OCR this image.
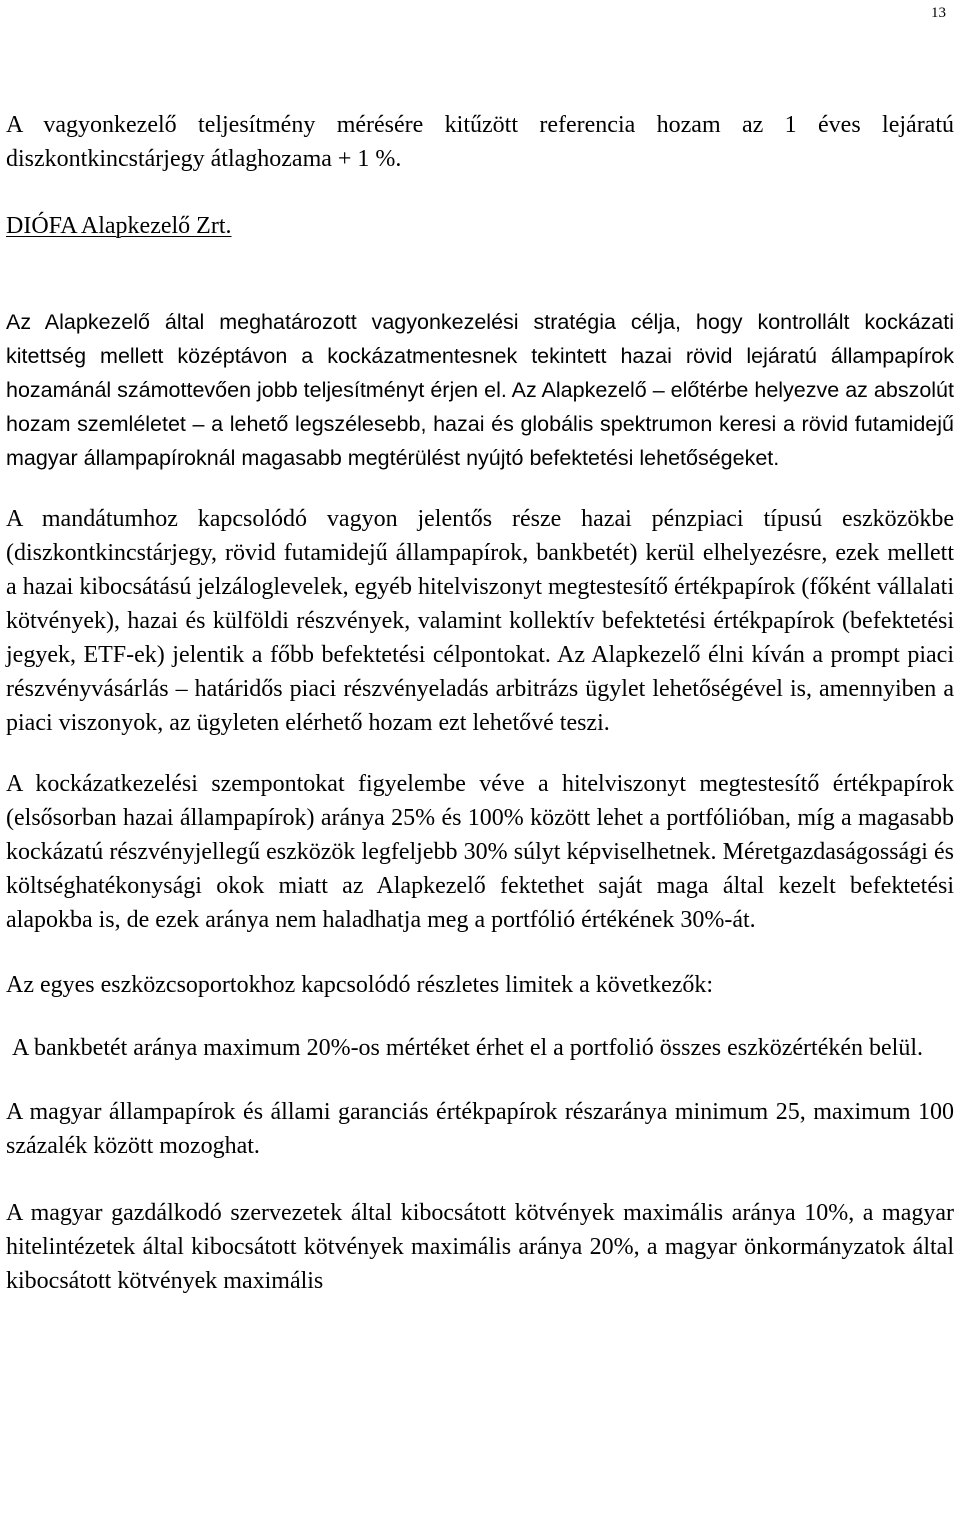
13

A vagyonkezelő teljesítmény mérésére kitűzött referencia hozam az 1 éves lejáratú diszkontkincstárjegy átlaghozama + 1 %.

DIÓFA Alapkezelő Zrt.

Az Alapkezelő által meghatározott vagyonkezelési stratégia célja, hogy kontrollált kockázati kitettség mellett középtávon a kockázatmentesnek tekintett hazai rövid lejáratú állampapírok hozamánál számottevően jobb teljesítményt érjen el. Az Alapkezelő – előtérbe helyezve az abszolút hozam szemléletet – a lehető legszélesebb, hazai és globális spektrumon keresi a rövid futamidejű magyar állampapíroknál magasabb megtérülést nyújtó befektetési lehetőségeket.

A mandátumhoz kapcsolódó vagyon jelentős része hazai pénzpiaci típusú eszközökbe (diszkontkincstárjegy, rövid futamidejű állampapírok, bankbetét) kerül elhelyezésre, ezek mellett a hazai kibocsátású jelzáloglevelek, egyéb hitelviszonyt megtestesítő értékpapírok (főként vállalati kötvények), hazai és külföldi részvények, valamint kollektív befektetési értékpapírok (befektetési jegyek, ETF-ek) jelentik a főbb befektetési célpontokat. Az Alapkezelő élni kíván a prompt piaci részvényvásárlás – határidős piaci részvényeladás arbitrázs ügylet lehetőségével is, amennyiben a piaci viszonyok, az ügyleten elérhető hozam ezt lehetővé teszi.

A kockázatkezelési szempontokat figyelembe véve a hitelviszonyt megtestesítő értékpapírok (elsősorban hazai állampapírok) aránya 25% és 100% között lehet a portfólióban, míg a magasabb kockázatú részvényjellegű eszközök legfeljebb 30% súlyt képviselhetnek. Méretgazdaságossági és költséghatékonysági okok miatt az Alapkezelő fektethet saját maga által kezelt befektetési alapokba is, de ezek aránya nem haladhatja meg a portfólió értékének 30%-át.

Az egyes eszközcsoportokhoz kapcsolódó részletes limitek a következők:

A bankbetét aránya maximum 20%-os mértéket érhet el a portfolió összes eszközértékén belül.

A magyar állampapírok és állami garanciás értékpapírok részaránya minimum 25, maximum 100 százalék között mozoghat.

A magyar gazdálkodó szervezetek által kibocsátott kötvények maximális aránya 10%, a magyar hitelintézetek által kibocsátott kötvények maximális aránya 20%, a magyar önkormányzatok által kibocsátott kötvények maximális
